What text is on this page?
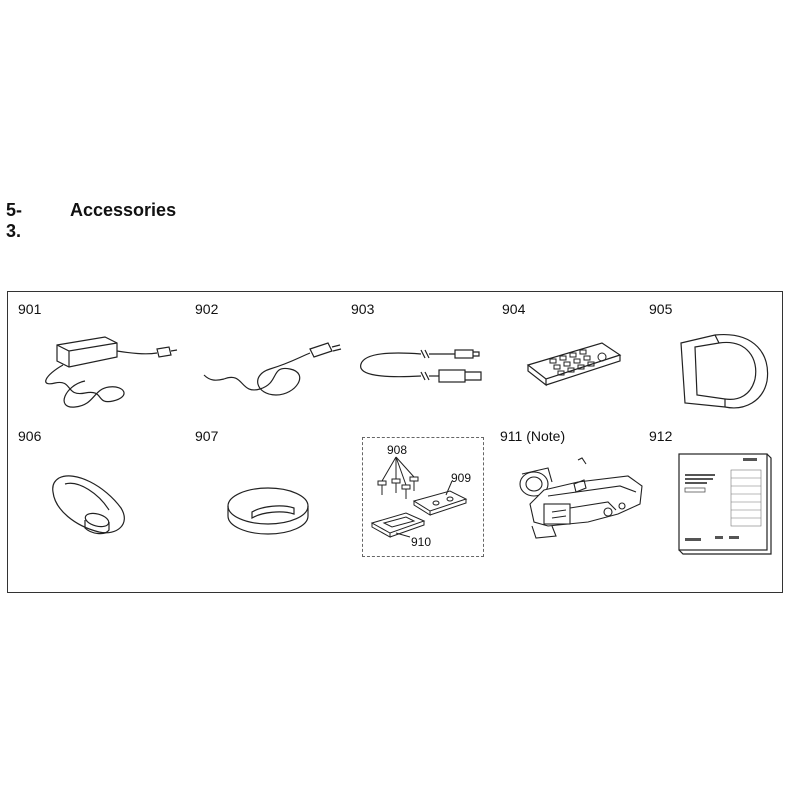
5-3.
Accessories
901	902	903	904	905
906	907	911 (Note)	912
908
909
910
